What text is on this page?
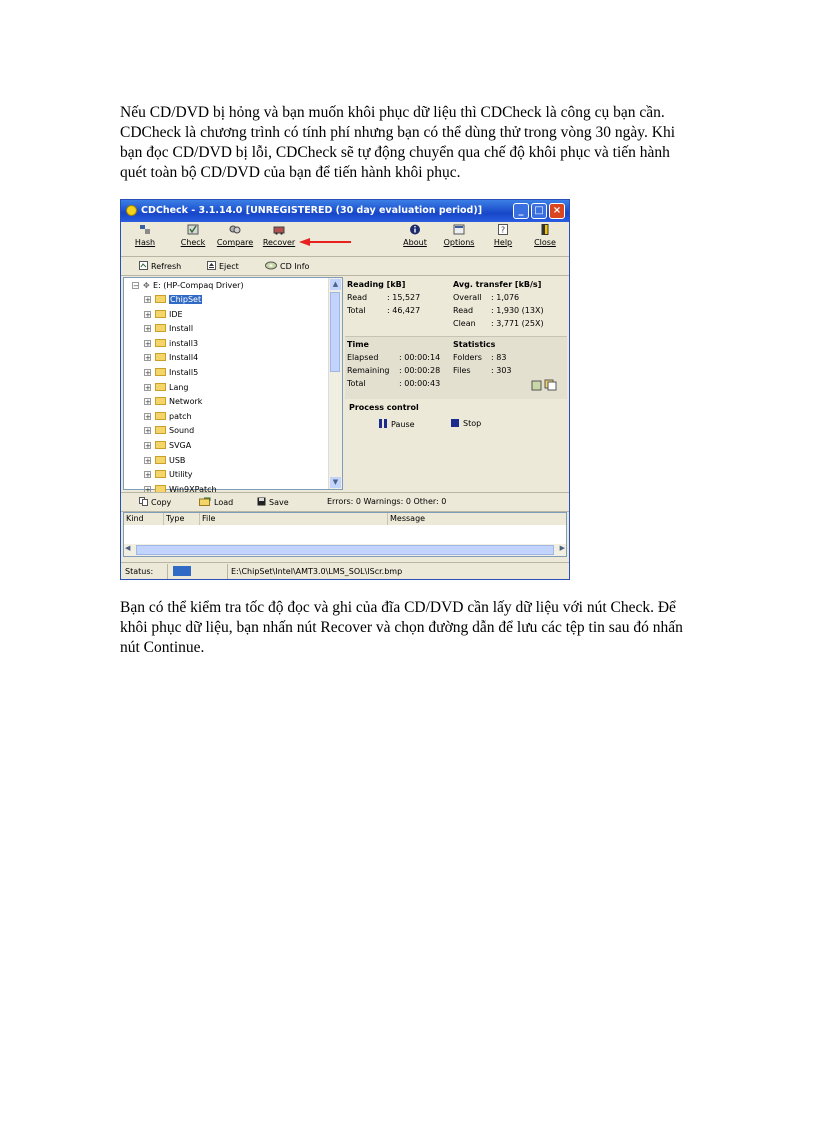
Nếu CD/DVD bị hỏng và bạn muốn khôi phục dữ liệu thì CDCheck là công cụ bạn cần. CDCheck là chương trình có tính phí nhưng bạn có thể dùng thử trong vòng 30 ngày. Khi bạn đọc CD/DVD bị lỗi, CDCheck sẽ tự động chuyển qua chế độ khôi phục và tiến hành quét toàn bộ CD/DVD của bạn để tiến hành khôi phục.

CDCheck - 3.1.14.0 [UNREGISTERED (30 day evaluation period)]	_	□ ×
Hash	Check	Compare	Recover	About	Options
?
Help	Close
Refresh	Eject	CD Info
− ✥ E: (HP-Compaq Driver)
+ ChipSet
+ IDE
+ Install
+ install3
+ Install4
+ Install5
+ Lang
+ Network
+ patch
+ Sound
+ SVGA
+ USB
+ Utility
+ Win9XPatch
▲
▼
Reading [kB]
Read : 15,527
Total	: 46,427
Avg. transfer [kB/s]
Overall : 1,076
Read : 1,930 (13X)
Clean : 3,771 (25X)
Time
Elapsed	: 00:00:14
Remaining : 00:00:28
Total	: 00:00:43
Statistics
Folders : 83
Files	: 303
Process control
Pause	Stop
Copy	Load	Save	Errors: 0 Warnings: 0 Other: 0
Kind	Type	File	Message
◀	▶
Status:	E:\ChipSet\Intel\AMT3.0\LMS_SOL\IScr.bmp

Bạn có thể kiểm tra tốc độ đọc và ghi của đĩa CD/DVD cần lấy dữ liệu với nút Check. Để khôi phục dữ liệu, bạn nhấn nút Recover và chọn đường dẫn để lưu các tệp tin sau đó nhấn nút Continue.
